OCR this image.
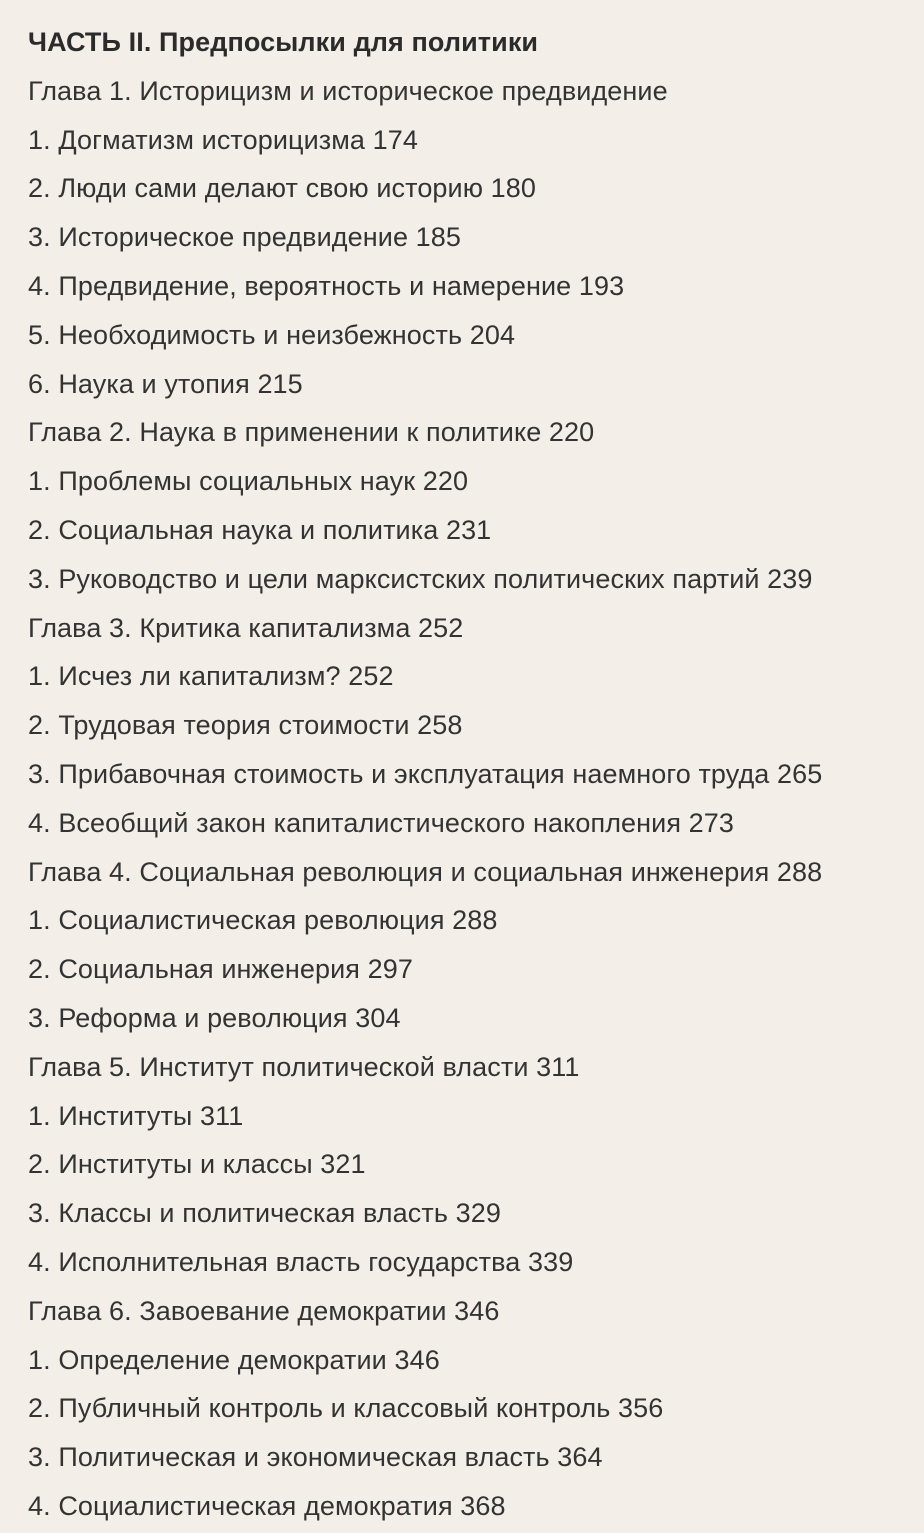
ЧАСТЬ II. Предпосылки для политики
Глава 1. Историцизм и историческое предвидение
1. Догматизм историцизма 174
2. Люди сами делают свою историю 180
3. Историческое предвидение 185
4. Предвидение, вероятность и намерение 193
5. Необходимость и неизбежность 204
6. Наука и утопия 215
Глава 2. Наука в применении к политике 220
1. Проблемы социальных наук 220
2. Социальная наука и политика 231
3. Руководство и цели марксистских политических партий 239
Глава 3. Критика капитализма 252
1. Исчез ли капитализм? 252
2. Трудовая теория стоимости 258
3. Прибавочная стоимость и эксплуатация наемного труда 265
4. Всеобщий закон капиталистического накопления 273
Глава 4. Социальная революция и социальная инженерия 288
1. Социалистическая революция 288
2. Социальная инженерия 297
3. Реформа и революция 304
Глава 5. Институт политической власти 311
1. Институты 311
2. Институты и классы 321
3. Классы и политическая власть 329
4. Исполнительная власть государства 339
Глава 6. Завоевание демократии 346
1. Определение демократии 346
2. Публичный контроль и классовый контроль 356
3. Политическая и экономическая власть 364
4. Социалистическая демократия 368
